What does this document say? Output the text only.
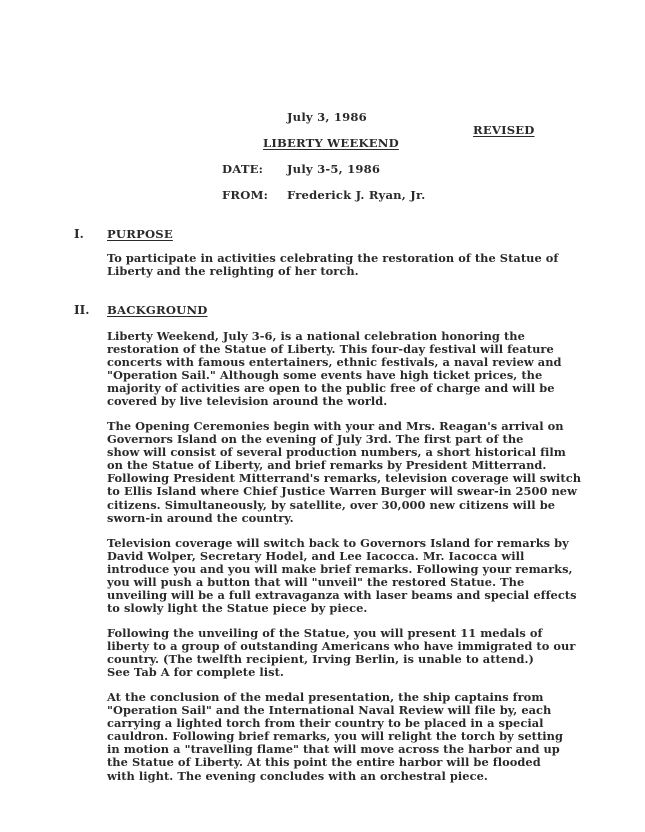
July 3, 1986
REVISED
LIBERTY WEEKEND
DATE: July 3-5, 1986
FROM: Frederick J. Ryan, Jr.
I. PURPOSE
To participate in activities celebrating the restoration of the Statue of
Liberty and the relighting of her torch.
II. BACKGROUND
Liberty Weekend, July 3-6, is a national celebration honoring the
restoration of the Statue of Liberty. This four-day festival will feature
concerts with famous entertainers, ethnic festivals, a naval review and
"Operation Sail." Although some events have high ticket prices, the
majority of activities are open to the public free of charge and will be
covered by live television around the world.
The Opening Ceremonies begin with your and Mrs. Reagan's arrival on
Governors Island on the evening of July 3rd. The first part of the
show will consist of several production numbers, a short historical film
on the Statue of Liberty, and brief remarks by President Mitterrand.
Following President Mitterrand's remarks, television coverage will switch
to Ellis Island where Chief Justice Warren Burger will swear-in 2500 new
citizens. Simultaneously, by satellite, over 30,000 new citizens will be
sworn-in around the country.
Television coverage will switch back to Governors Island for remarks by
David Wolper, Secretary Hodel, and Lee Iacocca. Mr. Iacocca will
introduce you and you will make brief remarks. Following your remarks,
you will push a button that will "unveil" the restored Statue. The
unveiling will be a full extravaganza with laser beams and special effects
to slowly light the Statue piece by piece.
Following the unveiling of the Statue, you will present 11 medals of
liberty to a group of outstanding Americans who have immigrated to our
country. (The twelfth recipient, Irving Berlin, is unable to attend.)
See Tab A for complete list.
At the conclusion of the medal presentation, the ship captains from
"Operation Sail" and the International Naval Review will file by, each
carrying a lighted torch from their country to be placed in a special
cauldron. Following brief remarks, you will relight the torch by setting
in motion a "travelling flame" that will move across the harbor and up
the Statue of Liberty. At this point the entire harbor will be flooded
with light. The evening concludes with an orchestral piece.
